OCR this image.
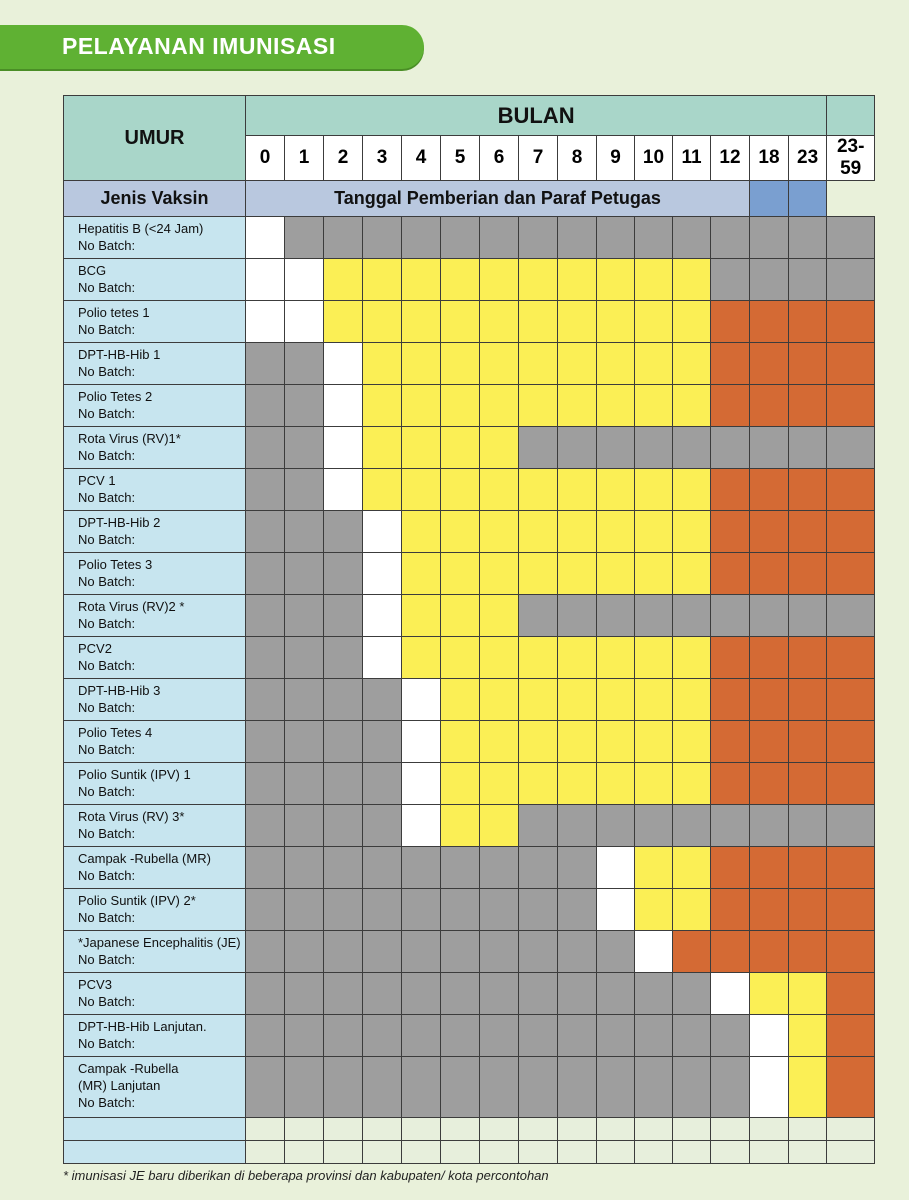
PELAYANAN IMUNISASI
UMUR	BULAN															
	0	1	2	3	4	5	6	7	8	9	10	11	12	18	23	23-59
Jenis Vaksin	Tanggal Pemberian dan Paraf Petugas															

Hepatitis B (<24 Jam)
No Batch:																

BCG
No Batch:																

Polio tetes 1
No Batch:																

DPT-HB-Hib 1
No Batch:																

Polio Tetes 2
No Batch:																

Rota Virus (RV)1*
No Batch:																

PCV 1
No Batch:																

DPT-HB-Hib 2
No Batch:																

Polio Tetes 3
No Batch:																

Rota Virus (RV)2 *
No Batch:																

PCV2
No Batch:																

DPT-HB-Hib 3
No Batch:																

Polio Tetes 4
No Batch:																

Polio Suntik (IPV) 1
No Batch:																

Rota Virus (RV) 3*
No Batch:																

Campak -Rubella (MR)
No Batch:																

Polio Suntik (IPV) 2*
No Batch:																

*Japanese Encephalitis (JE)
No Batch:																

PCV3
No Batch:																

DPT-HB-Hib Lanjutan.
No Batch:																

Campak -Rubella
(MR) Lanjutan
No Batch:																

* imunisasi JE baru diberikan di beberapa provinsi dan kabupaten/ kota percontohan
